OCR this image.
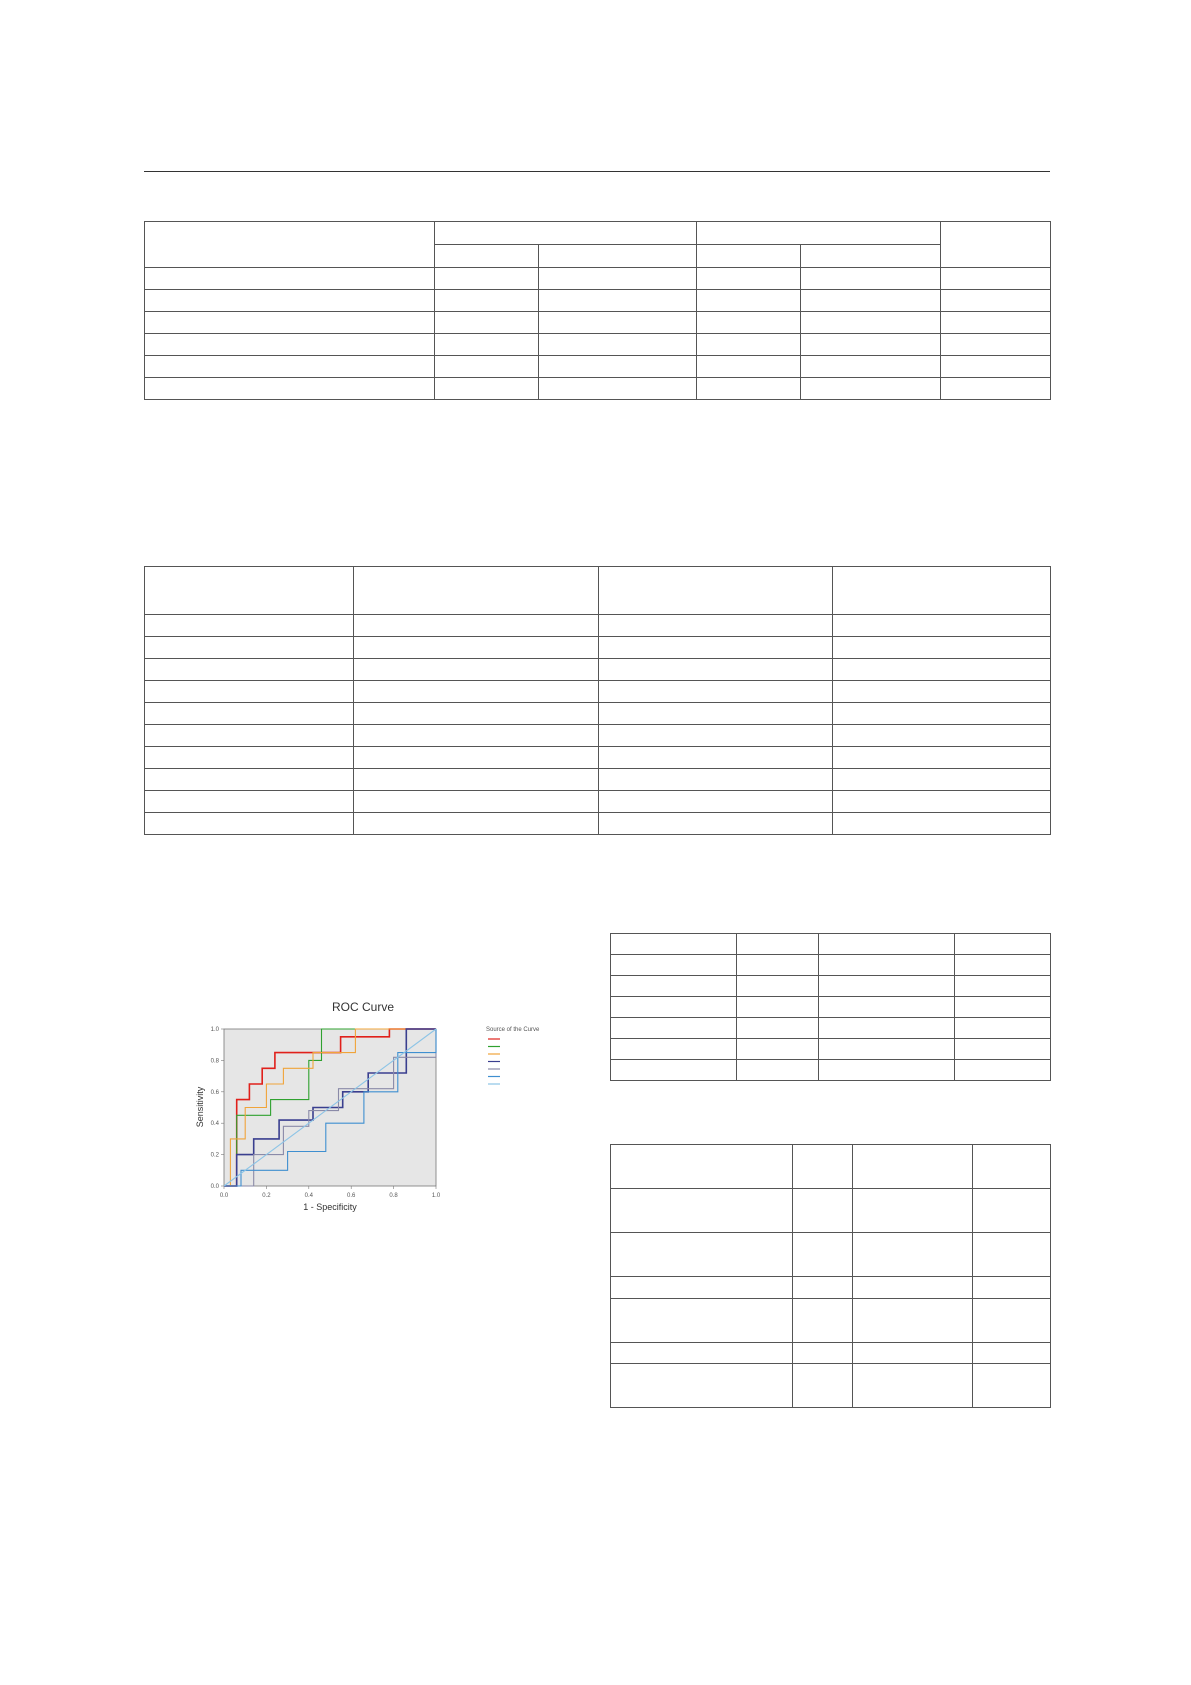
ROC Curve
0.0	0.2	0.4	0.6	0.8	1.0
0.0
0.2
0.4
0.6
0.8
1.0
1 - Specificity
Sensitivity
Source of the Curve
